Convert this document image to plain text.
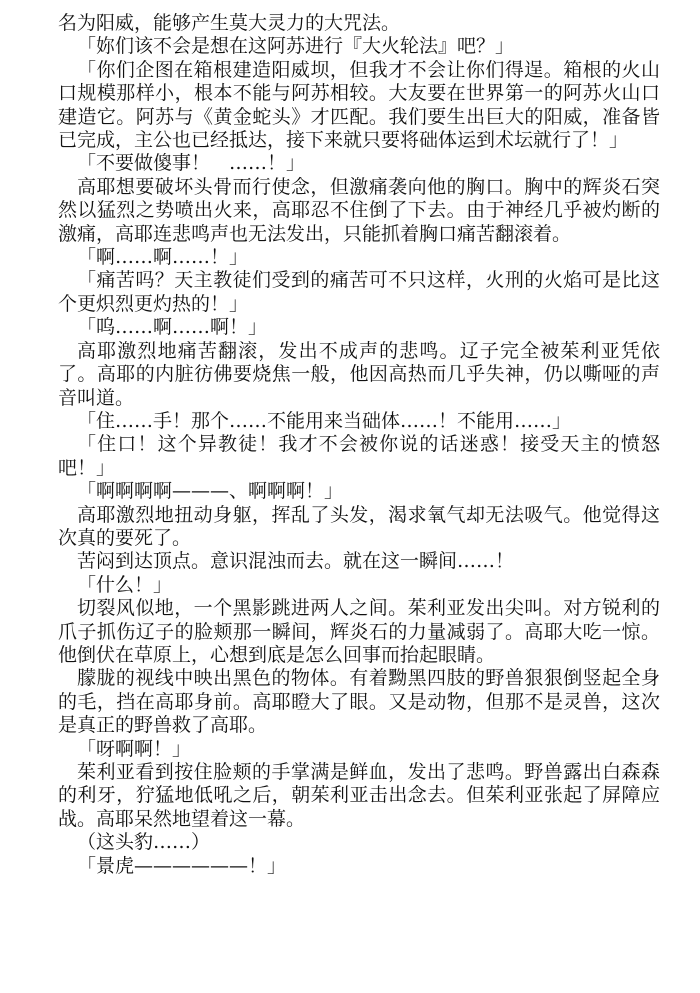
名为阳威，能够产生莫大灵力的大咒法。

「妳们该不会是想在这阿苏进行『大火轮法』吧？」

「你们企图在箱根建造阳威坝，但我才不会让你们得逞。箱根的火山口规模那样小，根本不能与阿苏相较。大友要在世界第一的阿苏火山口建造它。阿苏与《黄金蛇头》才匹配。我们要生出巨大的阳威，准备皆已完成，主公也已经抵达，接下来就只要将础体运到术坛就行了！」

「不要做傻事！　……！」

高耶想要破坏头骨而行使念，但激痛袭向他的胸口。胸中的辉炎石突然以猛烈之势喷出火来，高耶忍不住倒了下去。由于神经几乎被灼断的激痛，高耶连悲鸣声也无法发出，只能抓着胸口痛苦翻滚着。

「啊……啊……！」

「痛苦吗？天主教徒们受到的痛苦可不只这样，火刑的火焰可是比这个更炽烈更灼热的！」

「呜……啊……啊！」

高耶激烈地痛苦翻滚，发出不成声的悲鸣。辽子完全被茱利亚凭依了。高耶的内脏彷佛要烧焦一般，他因高热而几乎失神，仍以嘶哑的声音叫道。

「住……手！那个……不能用来当础体……！不能用……」

「住口！这个异教徒！我才不会被你说的话迷惑！接受天主的愤怒吧！」

「啊啊啊啊———、啊啊啊！」

高耶激烈地扭动身躯，挥乱了头发，渴求氧气却无法吸气。他觉得这次真的要死了。

苦闷到达顶点。意识混浊而去。就在这一瞬间……！

「什么！」

切裂风似地，一个黑影跳进两人之间。茱利亚发出尖叫。对方锐利的爪子抓伤辽子的脸颊那一瞬间，辉炎石的力量减弱了。高耶大吃一惊。他倒伏在草原上，心想到底是怎么回事而抬起眼睛。

朦胧的视线中映出黑色的物体。有着黝黑四肢的野兽狠狠倒竖起全身的毛，挡在高耶身前。高耶瞪大了眼。又是动物，但那不是灵兽，这次是真正的野兽救了高耶。

「呀啊啊！」

茱利亚看到按住脸颊的手掌满是鲜血，发出了悲鸣。野兽露出白森森的利牙，狞猛地低吼之后，朝茱利亚击出念去。但茱利亚张起了屏障应战。高耶呆然地望着这一幕。

（这头豹……）

「景虎——————！」
